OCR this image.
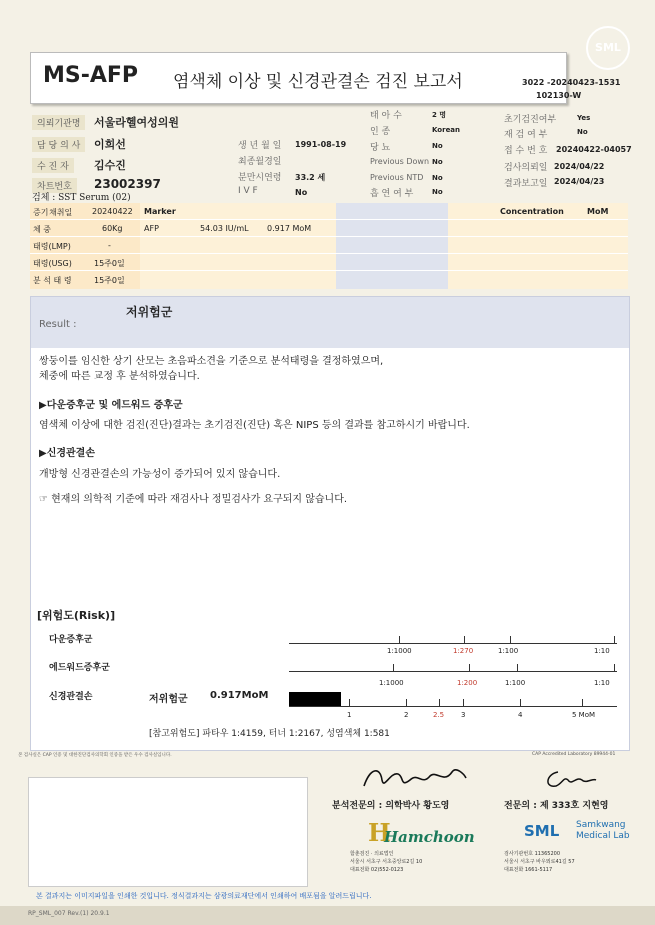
SML
MS-AFP 염색체 이상 및 신경관결손 검진 보고서	3022 -20240423-1531
102130-W
의뢰기관명	서울라헬여성의원
담 당 의 사	이희선
수 진 자	김수진
차트번호	23002397
검체 : SST Serum (02)
생 년 월 일 1991-08-19
최종월경일
분만시연령 33.2 세
I V F	No
태 아 수	2 명
인 종	Korean
당 뇨	No
Previous Down No
Previous NTD No
흡 연 여 부	No
초기검진여부	Yes
재 검 여 부	No
접 수 번 호 20240422-04057
검사의뢰일 2024/04/22
결과보고일 2024/04/23
증기 채취일 20240422 Marker	Concentration	MoM
체 중	60Kg	AFP	54.03 IU/mL 0.917 MoM
태령(LMP)	-
태령(USG)	15주0일
분 석 태 령	15주0일
Result :
저위험군
쌍둥이를 임신한 상기 산모는 초음파소견을 기준으로 분석태령을 결정하였으며,
체중에 따른 교정 후 분석하였습니다.
▶다운증후군 및 에드워드 증후군
염색체 이상에 대한 검진(진단)결과는 초기검진(진단) 혹은 NIPS 등의 결과를 참고하시기 바랍니다.
▶신경관결손
개방형 신경관결손의 가능성이 증가되어 있지 않습니다.
☞ 현재의 의학적 기준에 따라 재검사나 정밀검사가 요구되지 않습니다.
[위험도(Risk)]
다운증후군
1:1000	1:270	1:100	1:10
에드워드증후군
1:1000	1:200	1:100	1:10
신경관결손	저위험군 0.917MoM
1	2	2.5 3	4	5 MoM
[참고위험도] 파타우 1:4159, 터너 1:2167, 성염색체 1:581
본 검사실은 CAP 인증 및 대한진단검사의학회 인증을 받은 우수 검사실입니다.	CAP Accredited Laboratory 89944-01
분석전문의 : 의학박사 황도영	전문의 : 제 333호 지현영
H
Hamchoon
함춘검진 · 의료법인
서울시 서초구 서초중앙로2길 10
대표전화 02)552-0123
SML Samkwang
Medical Lab
검사기관번호 11365200
서울시 서초구 바우뫼로41길 57
대표전화 1661-5117
본 결과지는 이미지파일을 인쇄한 것입니다. 정식결과지는 삼광의료재단에서 인쇄하여 배포됨을 알려드립니다.
RP_SML_007 Rev.(1) 20.9.1
